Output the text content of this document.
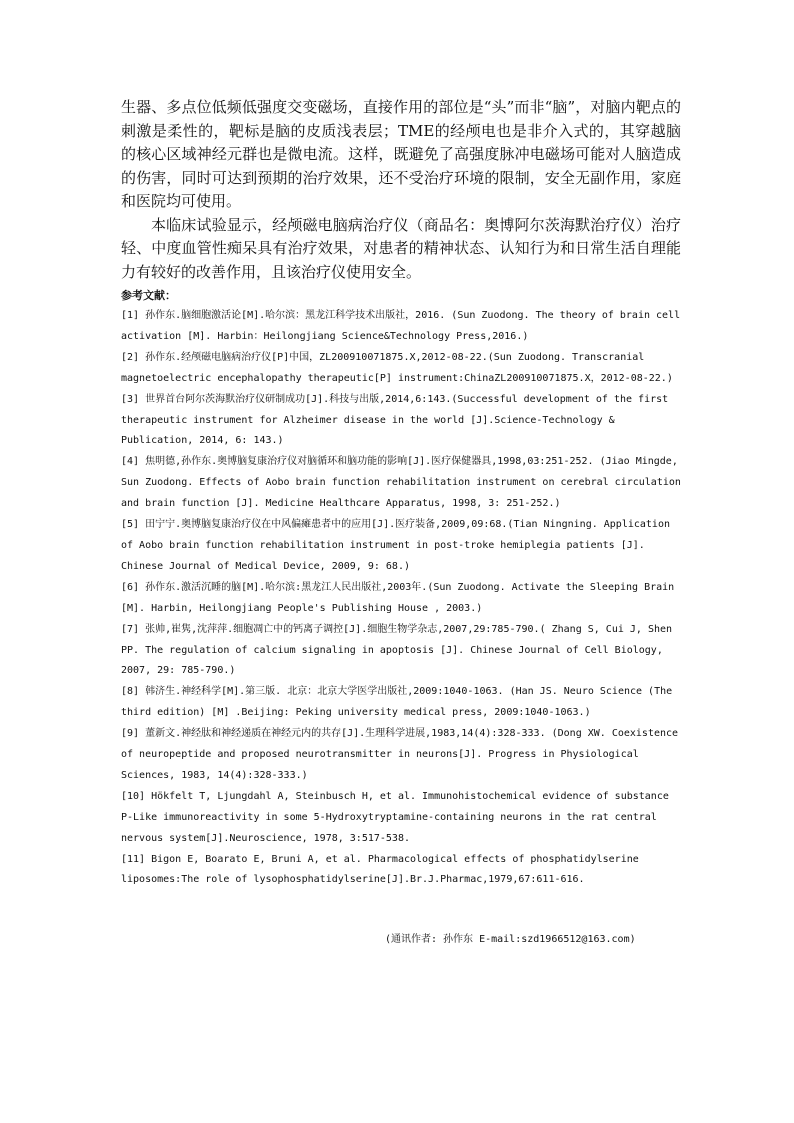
生器、多点位低频低强度交变磁场，直接作用的部位是“头”而非“脑”，对脑内靶点的刺激是柔性的，靶标是脑的皮质浅表层；TME的经颅电也是非介入式的，其穿越脑的核心区域神经元群也是微电流。这样，既避免了高强度脉冲电磁场可能对人脑造成的伤害，同时可达到预期的治疗效果，还不受治疗环境的限制，安全无副作用，家庭和医院均可使用。

本临床试验显示，经颅磁电脑病治疗仪（商品名：奥博阿尔茨海默治疗仪）治疗轻、中度血管性痴呆具有治疗效果，对患者的精神状态、认知行为和日常生活自理能力有较好的改善作用，且该治疗仪使用安全。

参考文献：
[1] 孙作东.脑细胞激活论[M].哈尔滨：黑龙江科学技术出版社，2016. (Sun Zuodong. The theory of brain cell activation [M]. Harbin：Heilongjiang Science&Technology Press,2016.)
[2] 孙作东.经颅磁电脑病治疗仪[P]中国，ZL200910071875.X,2012-08-22.(Sun Zuodong. Transcranial magnetoelectric encephalopathy therapeutic[P] instrument:ChinaZL200910071875.X，2012-08-22.)
[3] 世界首台阿尔茨海默治疗仪研制成功[J].科技与出版,2014,6:143.(Successful development of the first therapeutic instrument for Alzheimer disease in the world [J].Science-Technology & Publication, 2014, 6: 143.)
[4] 焦明德,孙作东.奥博脑复康治疗仪对脑循环和脑功能的影响[J].医疗保健器具,1998,03:251-252. (Jiao Mingde, Sun Zuodong. Effects of Aobo brain function rehabilitation instrument on cerebral circulation and brain function [J]. Medicine Healthcare Apparatus, 1998, 3: 251-252.)
[5] 田宁宁.奥博脑复康治疗仪在中风偏瘫患者中的应用[J].医疗装备,2009,09:68.(Tian Ningning. Application of Aobo brain function rehabilitation instrument in post-troke hemiplegia patients [J]. Chinese Journal of Medical Device, 2009, 9: 68.)
[6] 孙作东.激活沉睡的脑[M].哈尔滨:黑龙江人民出版社,2003年.(Sun Zuodong. Activate the Sleeping Brain [M]. Harbin, Heilongjiang People's Publishing House , 2003.)
[7] 张帅,崔隽,沈萍萍.细胞凋亡中的钙离子调控[J].细胞生物学杂志,2007,29:785-790.( Zhang S, Cui J, Shen PP. The regulation of calcium signaling in apoptosis [J]. Chinese Journal of Cell Biology, 2007, 29: 785-790.)
[8] 韩济生.神经科学[M].第三版. 北京：北京大学医学出版社,2009:1040-1063. (Han JS. Neuro Science (The third edition) [M] .Beijing: Peking university medical press, 2009:1040-1063.)
[9] 董新文.神经肽和神经递质在神经元内的共存[J].生理科学进展,1983,14(4):328-333. (Dong XW. Coexistence of neuropeptide and proposed neurotransmitter in neurons[J]. Progress in Physiological Sciences, 1983, 14(4):328-333.)
[10] Hökfelt T, Ljungdahl A, Steinbusch H, et al. Immunohistochemical evidence of substance P-Like immunoreactivity in some 5-Hydroxytryptamine-containing neurons in the rat central nervous system[J].Neuroscience, 1978, 3:517-538.
[11] Bigon E, Boarato E, Bruni A, et al. Pharmacological effects of phosphatidylserine liposomes:The role of lysophosphatidylserine[J].Br.J.Pharmac,1979,67:611-616.

(通讯作者: 孙作东 E-mail:szd1966512@163.com)
